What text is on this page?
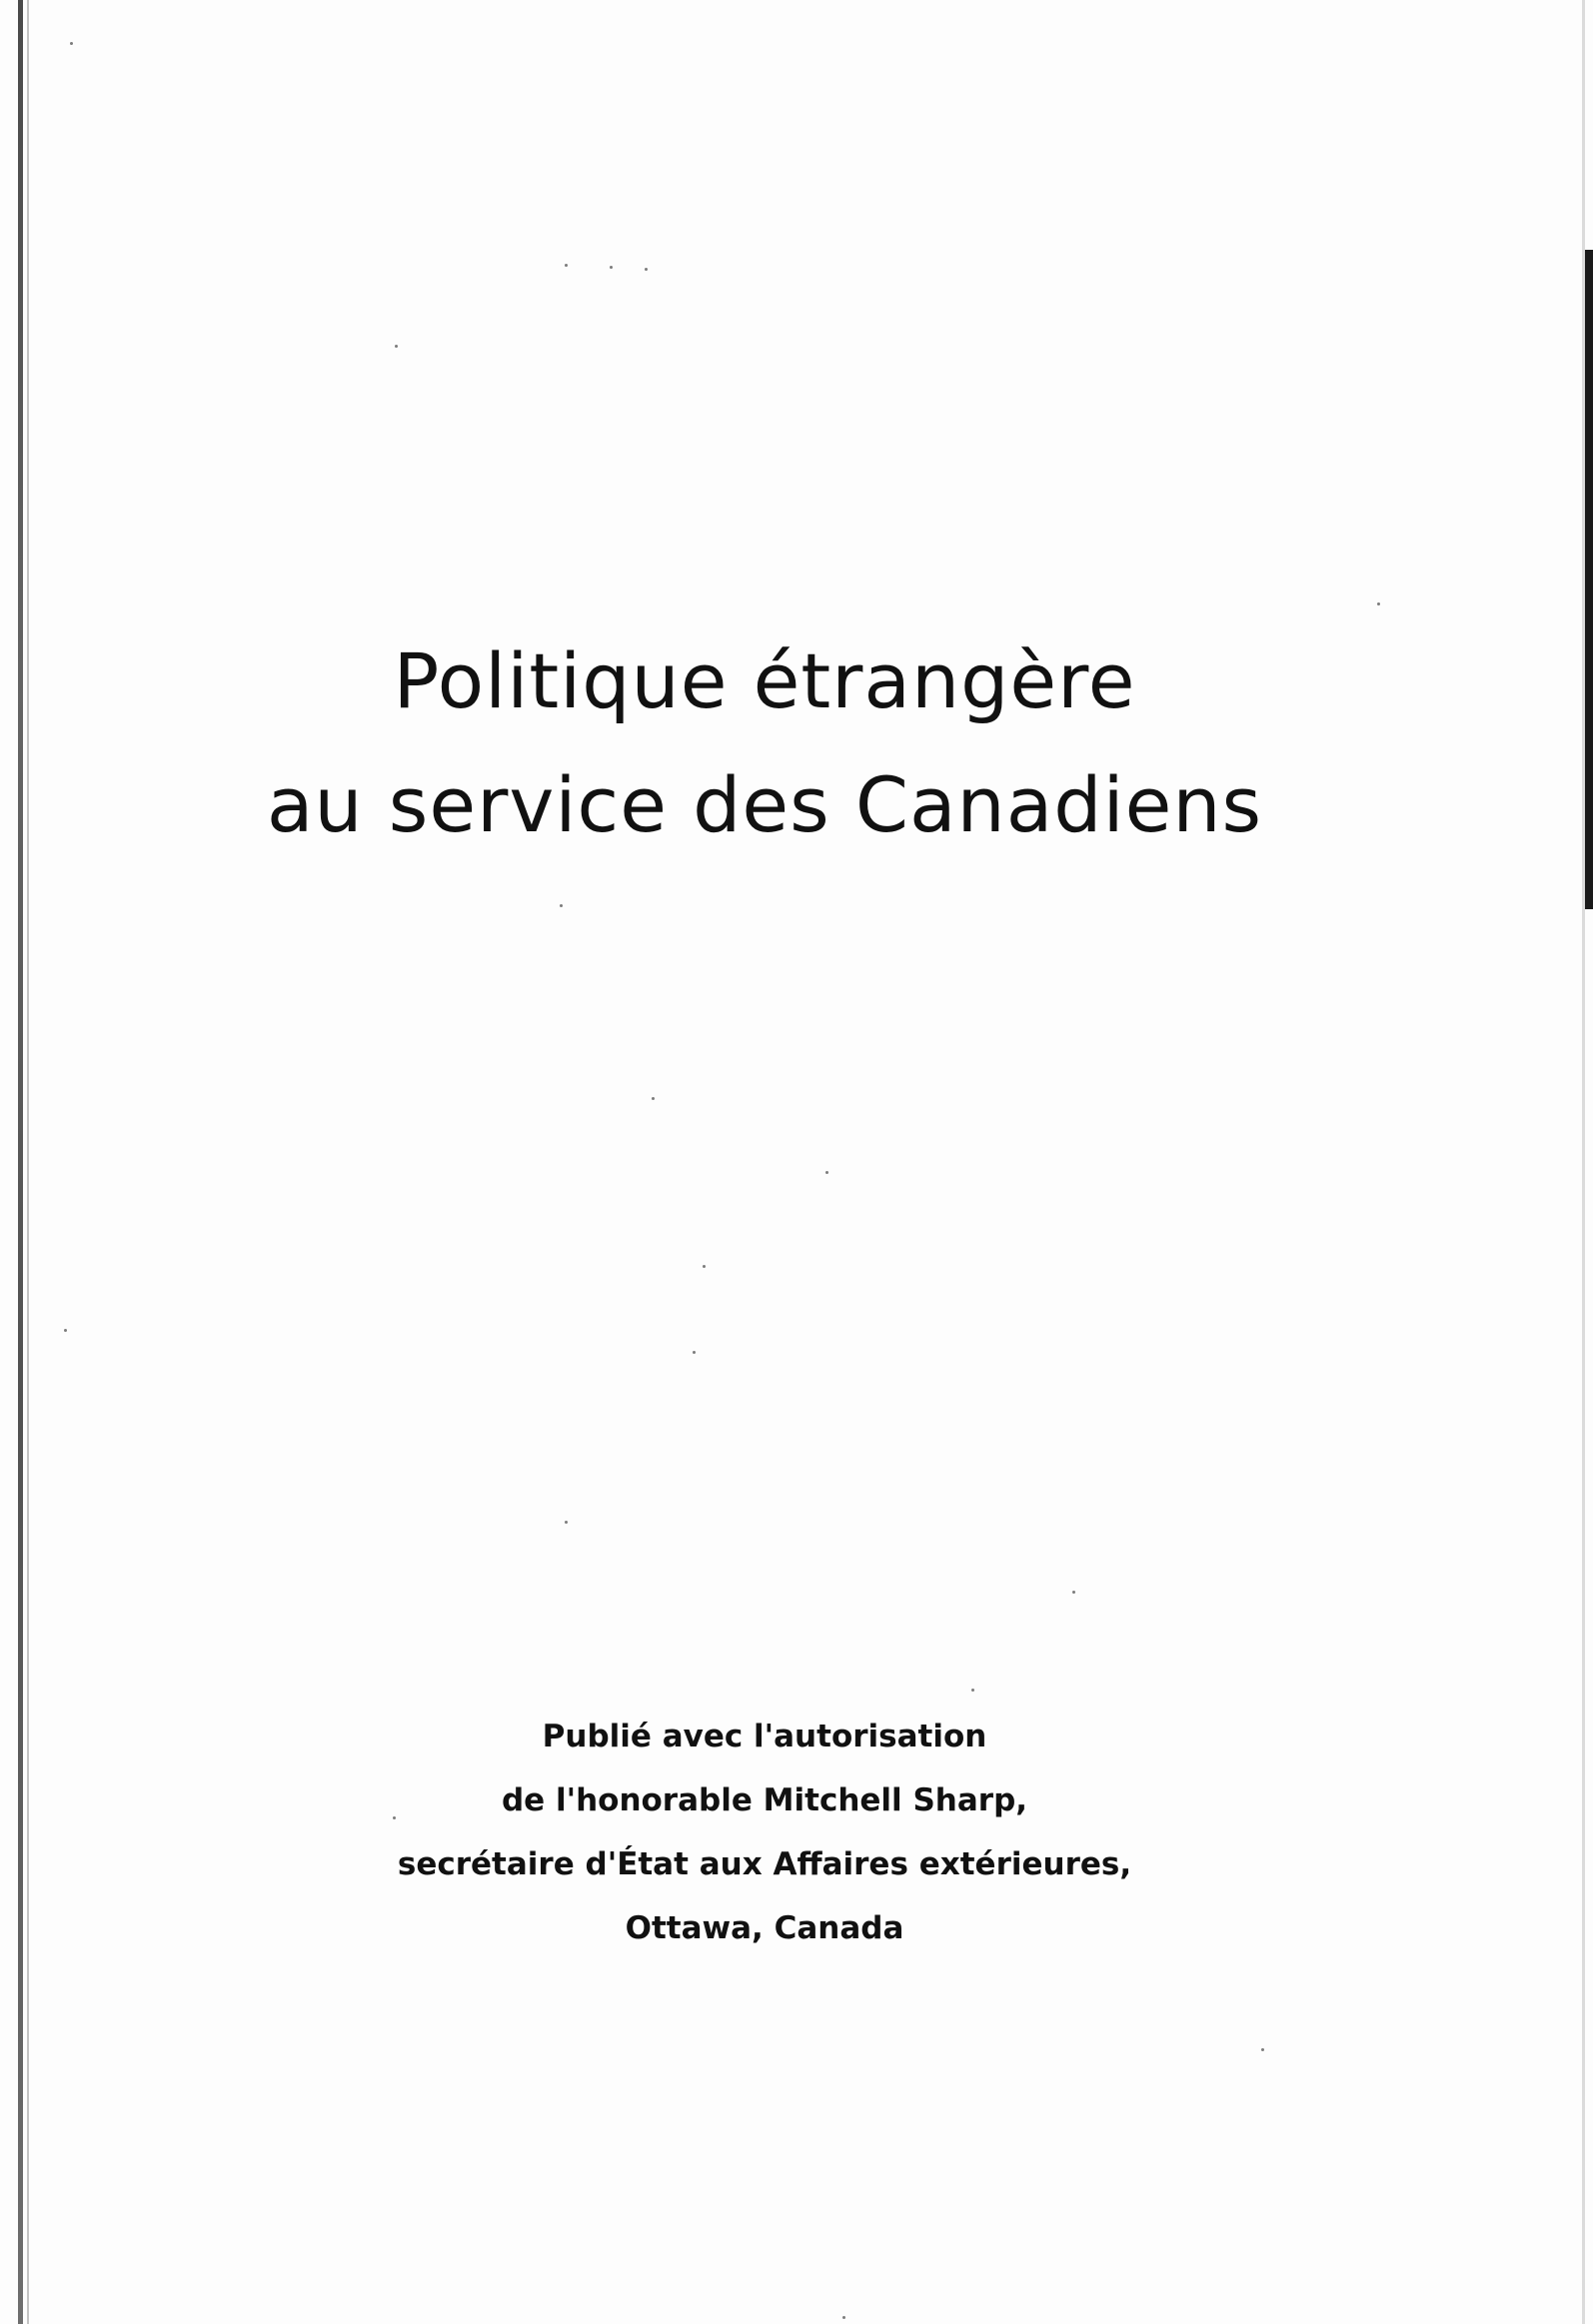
Politique étrangère
au service des Canadiens
Publié avec l'autorisation
de l'honorable Mitchell Sharp,
secrétaire d'État aux Affaires extérieures,
Ottawa, Canada
